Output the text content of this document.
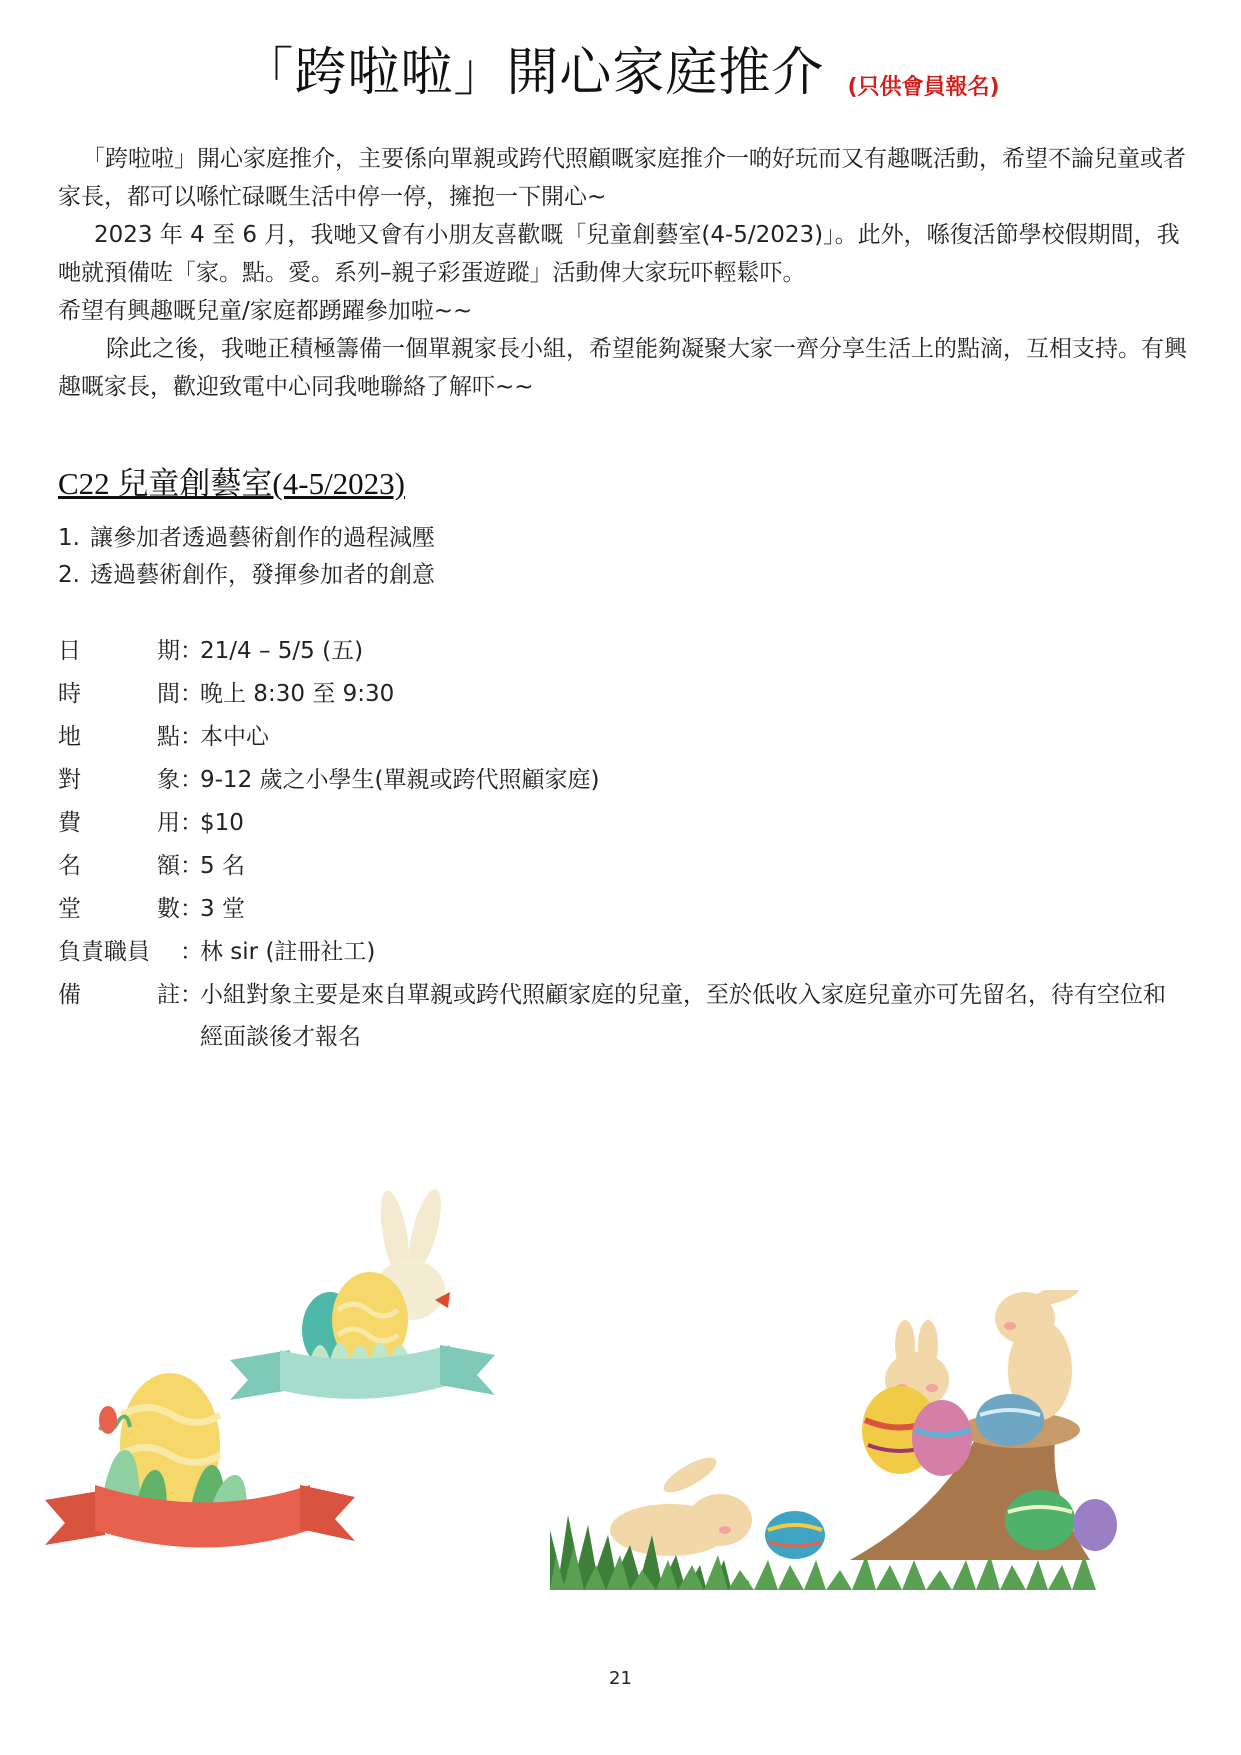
「跨啦啦」開心家庭推介 (只供會員報名)

「跨啦啦」開心家庭推介，主要係向單親或跨代照顧嘅家庭推介一啲好玩而又有趣嘅活動，希望不論兒童或者家長，都可以喺忙碌嘅生活中停一停，擁抱一下開心~

2023 年 4 至 6 月，我哋又會有小朋友喜歡嘅「兒童創藝室(4-5/2023)」。此外，喺復活節學校假期間，我哋就預備咗「家。點。愛。系列–親子彩蛋遊蹤」活動俾大家玩吓輕鬆吓。

希望有興趣嘅兒童/家庭都踴躍參加啦~~

除此之後，我哋正積極籌備一個單親家長小組，希望能夠凝聚大家一齊分享生活上的點滴，互相支持。有興趣嘅家長，歡迎致電中心同我哋聯絡了解吓~~

C22 兒童創藝室(4-5/2023)
1. 讓參加者透過藝術創作的過程減壓
2. 透過藝術創作，發揮參加者的創意
日	期 ：
21/4 – 5/5 (五)
時	間 ：
晚上 8:30 至 9:30
地	點 ：
本中心
對	象 ：
9-12 歲之小學生(單親或跨代照顧家庭)
費	用 ：
$10
名	額 ：
5 名
堂	數 ：
3 堂
負責職員	：
林 sir (註冊社工)
備	註 ：
小組對象主要是來自單親或跨代照顧家庭的兒童，至於低收入家庭兒童亦可先留名，待有空位和經面談後才報名
21
